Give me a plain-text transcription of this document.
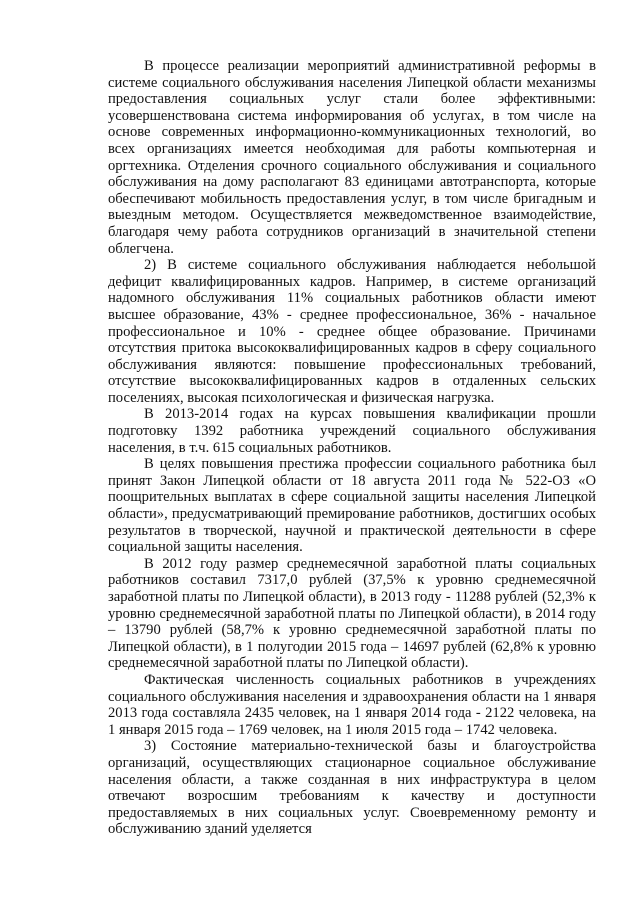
В процессе реализации мероприятий административной реформы в системе социального обслуживания населения Липецкой области механизмы предоставления социальных услуг стали более эффективными: усовершенствована система информирования об услугах, в том числе на основе современных информационно-коммуникационных технологий, во всех организациях имеется необходимая для работы компьютерная и оргтехника. Отделения срочного социального обслуживания и социального обслуживания на дому располагают 83 единицами автотранспорта, которые обеспечивают мобильность предоставления услуг, в том числе бригадным и выездным методом. Осуществляется межведомственное взаимодействие, благодаря чему работа сотрудников организаций в значительной степени облегчена.

2) В системе социального обслуживания наблюдается небольшой дефицит квалифицированных кадров. Например, в системе организаций надомного обслуживания 11% социальных работников области имеют высшее образование, 43% - среднее профессиональное, 36% - начальное профессиональное и 10% - среднее общее образование. Причинами отсутствия притока высококвалифицированных кадров в сферу социального обслуживания являются: повышение профессиональных требований, отсутствие высококвалифицированных кадров в отдаленных сельских поселениях, высокая психологическая и физическая нагрузка.

В 2013-2014 годах на курсах повышения квалификации прошли подготовку 1392 работника учреждений социального обслуживания населения, в т.ч. 615 социальных работников.

В целях повышения престижа профессии социального работника был принят Закон Липецкой области от 18 августа 2011 года № 522-ОЗ «О поощрительных выплатах в сфере социальной защиты населения Липецкой области», предусматривающий премирование работников, достигших особых результатов в творческой, научной и практической деятельности в сфере социальной защиты населения.

В 2012 году размер среднемесячной заработной платы социальных работников составил 7317,0 рублей (37,5% к уровню среднемесячной заработной платы по Липецкой области), в 2013 году - 11288 рублей (52,3% к уровню среднемесячной заработной платы по Липецкой области), в 2014 году – 13790 рублей (58,7% к уровню среднемесячной заработной платы по Липецкой области), в 1 полугодии 2015 года – 14697 рублей (62,8% к уровню среднемесячной заработной платы по Липецкой области).

Фактическая численность социальных работников в учреждениях социального обслуживания населения и здравоохранения области на 1 января 2013 года составляла 2435 человек, на 1 января 2014 года - 2122 человека, на 1 января 2015 года – 1769 человек, на 1 июля 2015 года – 1742 человека.

3) Состояние материально-технической базы и благоустройства организаций, осуществляющих стационарное социальное обслуживание населения области, а также созданная в них инфраструктура в целом отвечают возросшим требованиям к качеству и доступности предоставляемых в них социальных услуг. Своевременному ремонту и обслуживанию зданий уделяется
